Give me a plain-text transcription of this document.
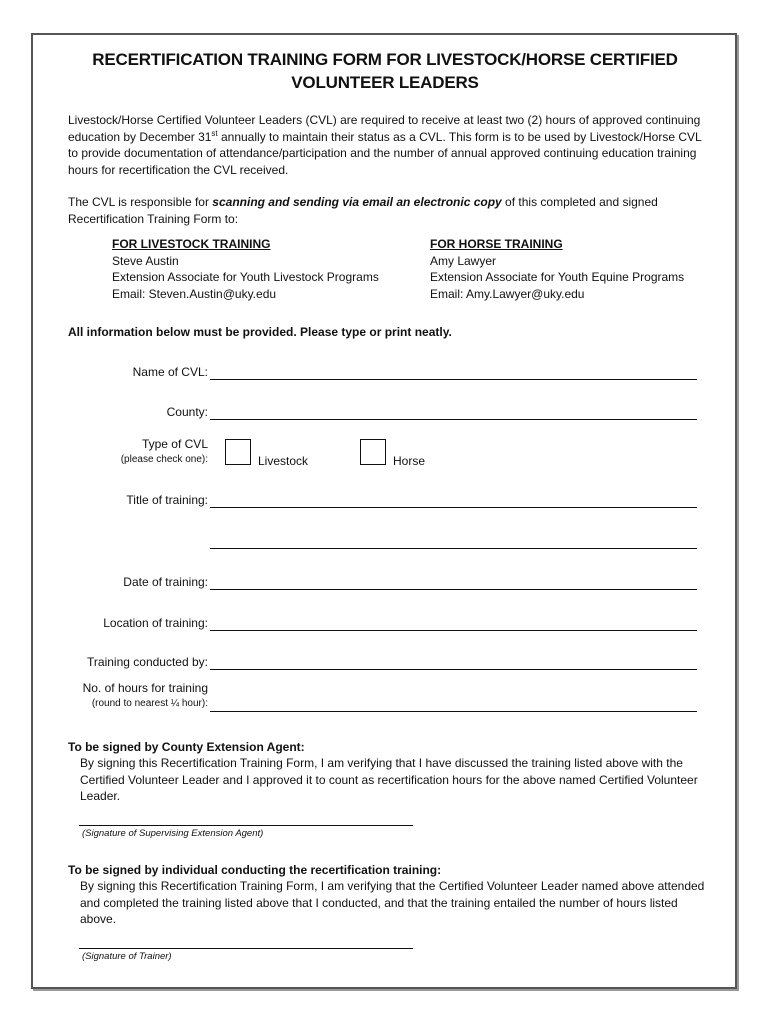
RECERTIFICATION TRAINING FORM FOR LIVESTOCK/HORSE CERTIFIED
VOLUNTEER LEADERS
Livestock/Horse Certified Volunteer Leaders (CVL) are required to receive at least two (2) hours of approved continuing education by December 31st annually to maintain their status as a CVL. This form is to be used by Livestock/Horse CVL to provide documentation of attendance/participation and the number of annual approved continuing education training hours for recertification the CVL received.
The CVL is responsible for scanning and sending via email an electronic copy of this completed and signed Recertification Training Form to:
FOR LIVESTOCK TRAINING
Steve Austin
Extension Associate for Youth Livestock Programs
Email: Steven.Austin@uky.edu
FOR HORSE TRAINING
Amy Lawyer
Extension Associate for Youth Equine Programs
Email: Amy.Lawyer@uky.edu
All information below must be provided. Please type or print neatly.
Name of CVL:
County:
Type of CVL
(please check one):	Livestock	Horse
Title of training:
Date of training:
Location of training:
Training conducted by:
No. of hours for training
(round to nearest ¼ hour):
To be signed by County Extension Agent:
By signing this Recertification Training Form, I am verifying that I have discussed the training listed above with the Certified Volunteer Leader and I approved it to count as recertification hours for the above named Certified Volunteer Leader.
(Signature of Supervising Extension Agent)
To be signed by individual conducting the recertification training:
By signing this Recertification Training Form, I am verifying that the Certified Volunteer Leader named above attended and completed the training listed above that I conducted, and that the training entailed the number of hours listed above.
(Signature of Trainer)
